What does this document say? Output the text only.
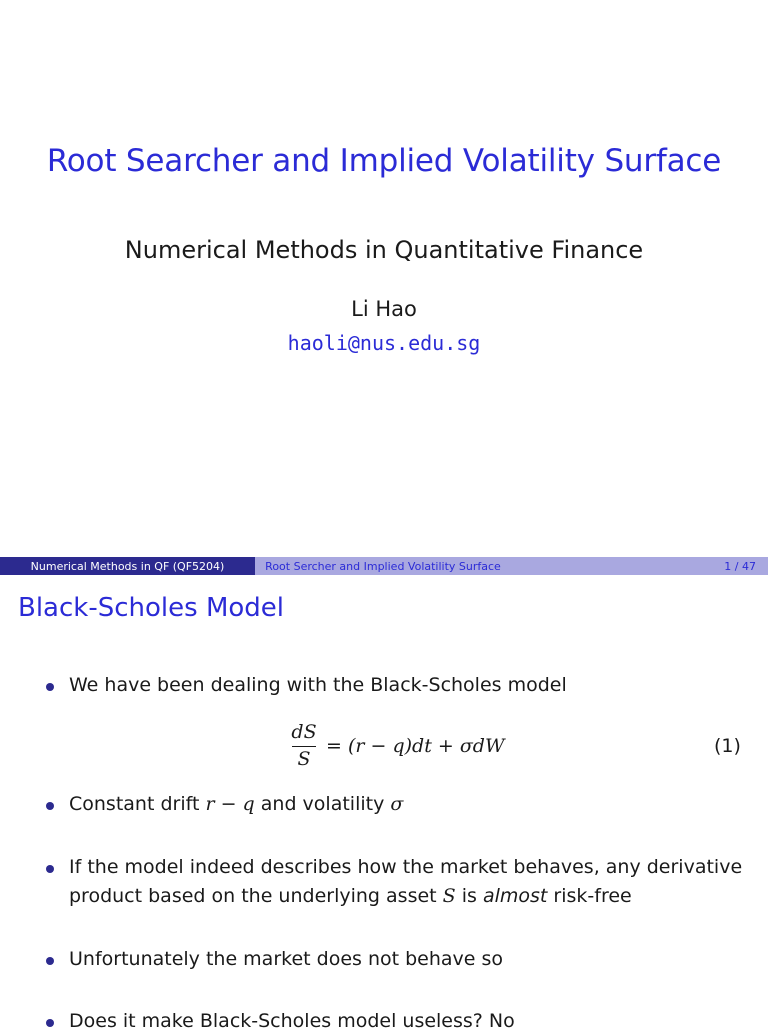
Root Searcher and Implied Volatility Surface
Numerical Methods in Quantitative Finance
Li Hao
haoli@nus.edu.sg
Numerical Methods in QF (QF5204)	Root Sercher and Implied Volatility Surface	1 / 47
Black-Scholes Model
We have been dealing with the Black-Scholes model
dS
S
= (r − q)dt + σdW	(1)
Constant drift r − q and volatility σ
If the model indeed describes how the market behaves, any derivative
product based on the underlying asset S is almost risk-free
Unfortunately the market does not behave so
Does it make Black-Scholes model useless? No
